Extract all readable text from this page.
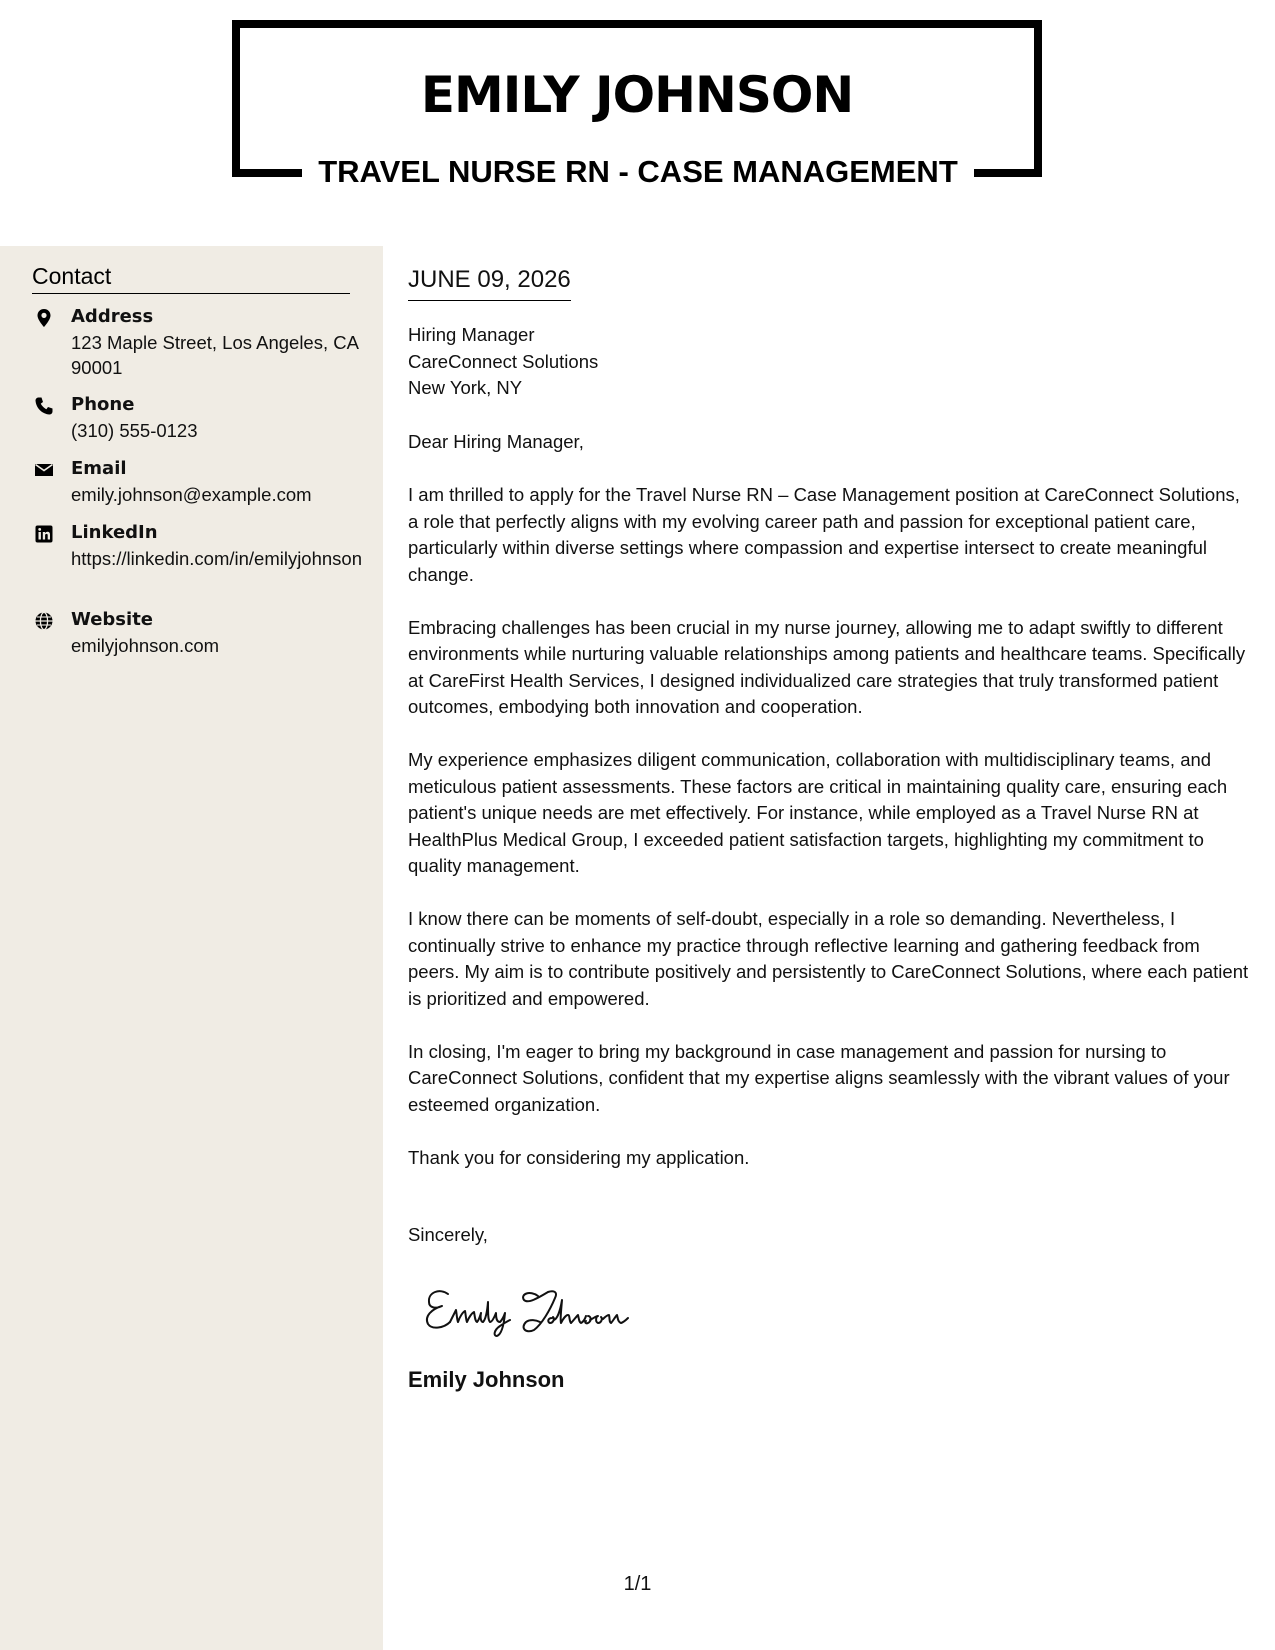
EMILY JOHNSON
TRAVEL NURSE RN - CASE MANAGEMENT
Contact
Address
123 Maple Street, Los Angeles, CA 90001
Phone
(310) 555-0123
Email
emily.johnson@example.com
LinkedIn
https://linkedin.com/in/emilyjohnson
Website
emilyjohnson.com
JUNE 09, 2026
Hiring Manager
CareConnect Solutions
New York, NY

Dear Hiring Manager,

I am thrilled to apply for the Travel Nurse RN – Case Management position at CareConnect Solutions, a role that perfectly aligns with my evolving career path and passion for exceptional patient care, particularly within diverse settings where compassion and expertise intersect to create meaningful change.

Embracing challenges has been crucial in my nurse journey, allowing me to adapt swiftly to different environments while nurturing valuable relationships among patients and healthcare teams. Specifically at CareFirst Health Services, I designed individualized care strategies that truly transformed patient outcomes, embodying both innovation and cooperation.

My experience emphasizes diligent communication, collaboration with multidisciplinary teams, and meticulous patient assessments. These factors are critical in maintaining quality care, ensuring each patient's unique needs are met effectively. For instance, while employed as a Travel Nurse RN at HealthPlus Medical Group, I exceeded patient satisfaction targets, highlighting my commitment to quality management.

I know there can be moments of self-doubt, especially in a role so demanding. Nevertheless, I continually strive to enhance my practice through reflective learning and gathering feedback from peers. My aim is to contribute positively and persistently to CareConnect Solutions, where each patient is prioritized and empowered.

In closing, I'm eager to bring my background in case management and passion for nursing to CareConnect Solutions, confident that my expertise aligns seamlessly with the vibrant values of your esteemed organization.

Thank you for considering my application.

Sincerely,
Emily Johnson
1/1
